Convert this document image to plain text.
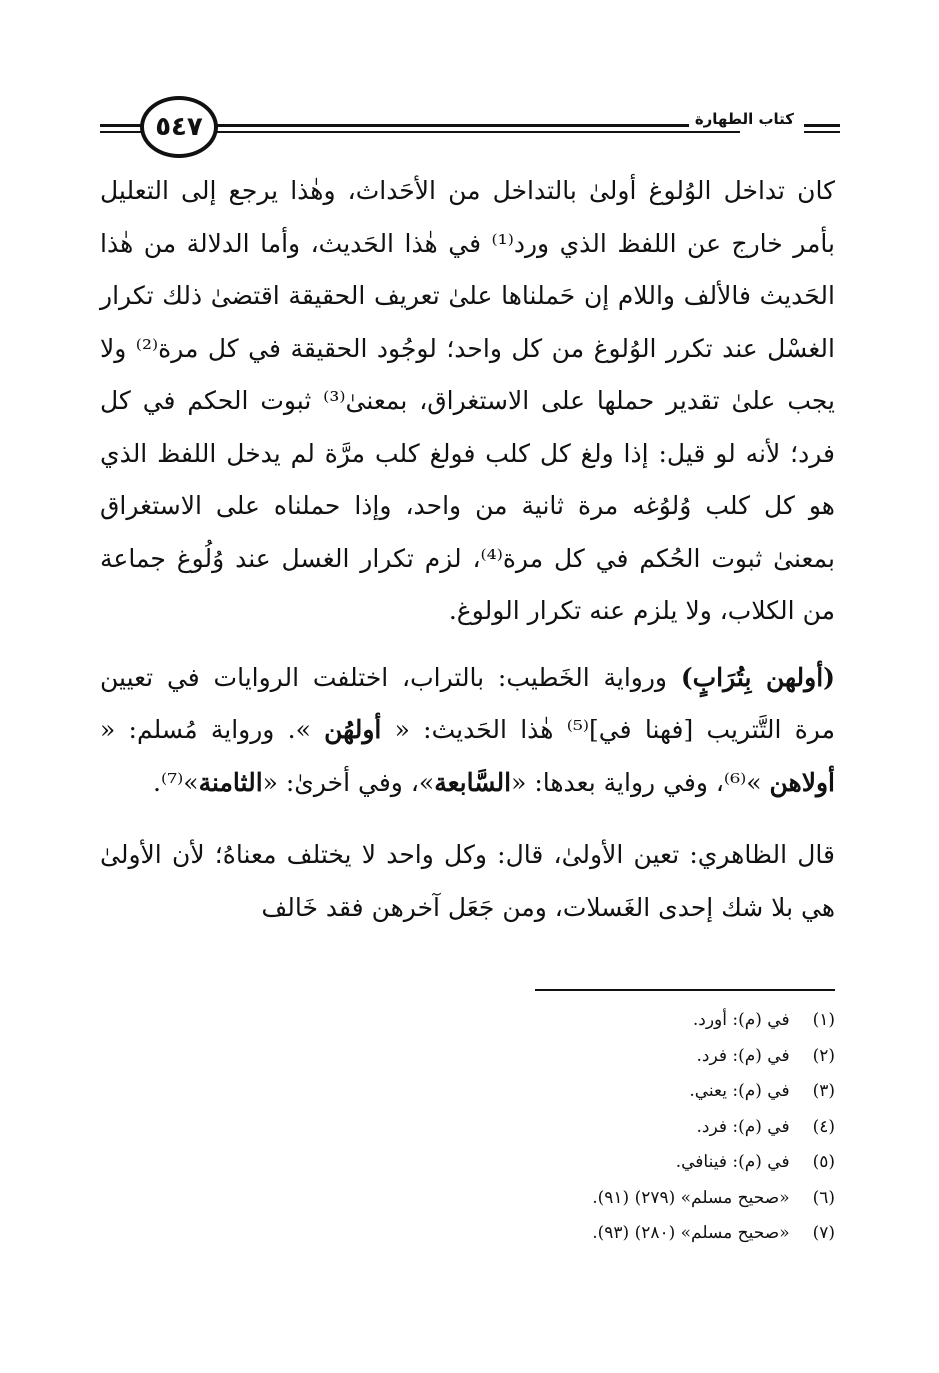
٥٤٧	كتاب الطهارة

كان تداخل الوُلوغ أولىٰ بالتداخل من الأحَداث، وهٰذا يرجع إلى التعليل بأمر خارج عن اللفظ الذي ورد⁽¹⁾ في هٰذا الحَديث، وأما الدلالة من هٰذا الحَديث فالألف واللام إن حَملناها علىٰ تعريف الحقيقة اقتضىٰ ذلك تكرار الغسْل عند تكرر الوُلوغ من كل واحد؛ لوجُود الحقيقة في كل مرة⁽²⁾ ولا يجب علىٰ تقدير حملها على الاستغراق، بمعنىٰ⁽³⁾ ثبوت الحكم في كل فرد؛ لأنه لو قيل: إذا ولغ كل كلب فولغ كلب مرَّة لم يدخل اللفظ الذي هو كل كلب وُلوُغه مرة ثانية من واحد، وإذا حملناه على الاستغراق بمعنىٰ ثبوت الحُكم في كل مرة⁽⁴⁾، لزم تكرار الغسل عند وُلُوغ جماعة من الكلاب، ولا يلزم عنه تكرار الولوغ.

(أولهن بِتُرَابٍ) ورواية الخَطيب: بالتراب، اختلفت الروايات في تعيين مرة التَّتريب [فهنا في]⁽⁵⁾ هٰذا الحَديث: « أولهُن ». ورواية مُسلم: « أولاهن »⁽⁶⁾، وفي رواية بعدها: «السَّابعة»، وفي أخرىٰ: «الثامنة»⁽⁷⁾.

قال الظاهري: تعين الأولىٰ، قال: وكل واحد لا يختلف معناهُ؛ لأن الأولىٰ هي بلا شك إحدى الغَسلات، ومن جَعَل آخرهن فقد خَالف

(١) في (م): أورد.
(٢) في (م): فرد.
(٣) في (م): يعني.
(٤) في (م): فرد.
(٥) في (م): فينافي.
(٦) «صحيح مسلم» (٢٧٩) (٩١).
(٧) «صحيح مسلم» (٢٨٠) (٩٣).
